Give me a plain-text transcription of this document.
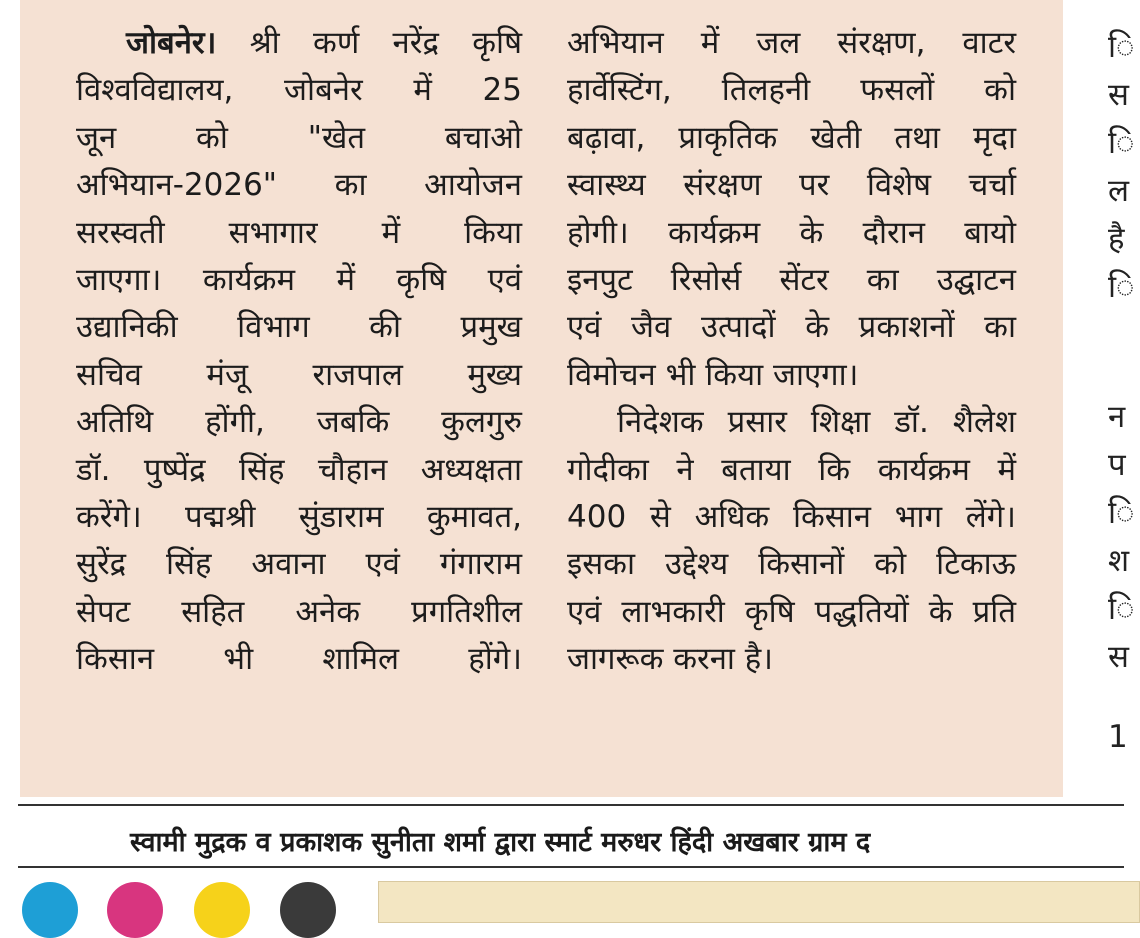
जोबनेर। श्री कर्ण नरेंद्र कृषि
विश्वविद्यालय, जोबनेर में 25
जून को "खेत बचाओ
अभियान-2026" का आयोजन
सरस्वती सभागार में किया
जाएगा। कार्यक्रम में कृषि एवं
उद्यानिकी विभाग की प्रमुख
सचिव मंजू राजपाल मुख्य
अतिथि होंगी, जबकि कुलगुरु
डॉ. पुष्पेंद्र सिंह चौहान अध्यक्षता
करेंगे। पद्मश्री सुंडाराम कुमावत,
सुरेंद्र सिंह अवाना एवं गंगाराम
सेपट सहित अनेक प्रगतिशील
किसान भी शामिल होंगे।
अभियान में जल संरक्षण, वाटर
हार्वेस्टिंग, तिलहनी फसलों को
बढ़ावा, प्राकृतिक खेती तथा मृदा
स्वास्थ्य संरक्षण पर विशेष चर्चा
होगी। कार्यक्रम के दौरान बायो
इनपुट रिसोर्स सेंटर का उद्घाटन
एवं जैव उत्पादों के प्रकाशनों का
विमोचन भी किया जाएगा।
निदेशक प्रसार शिक्षा डॉ. शैलेश
गोदीका ने बताया कि कार्यक्रम में
400 से अधिक किसान भाग लेंगे।
इसका उद्देश्य किसानों को टिकाऊ
एवं लाभकारी कृषि पद्धतियों के प्रति
जागरूक करना है।
ि
स
ि
ल
है
ि
न
प
ि
श
ि
स
1
स्वामी मुद्रक व प्रकाशक सुनीता शर्मा द्वारा स्मार्ट मरुधर हिंदी अखबार ग्राम द
